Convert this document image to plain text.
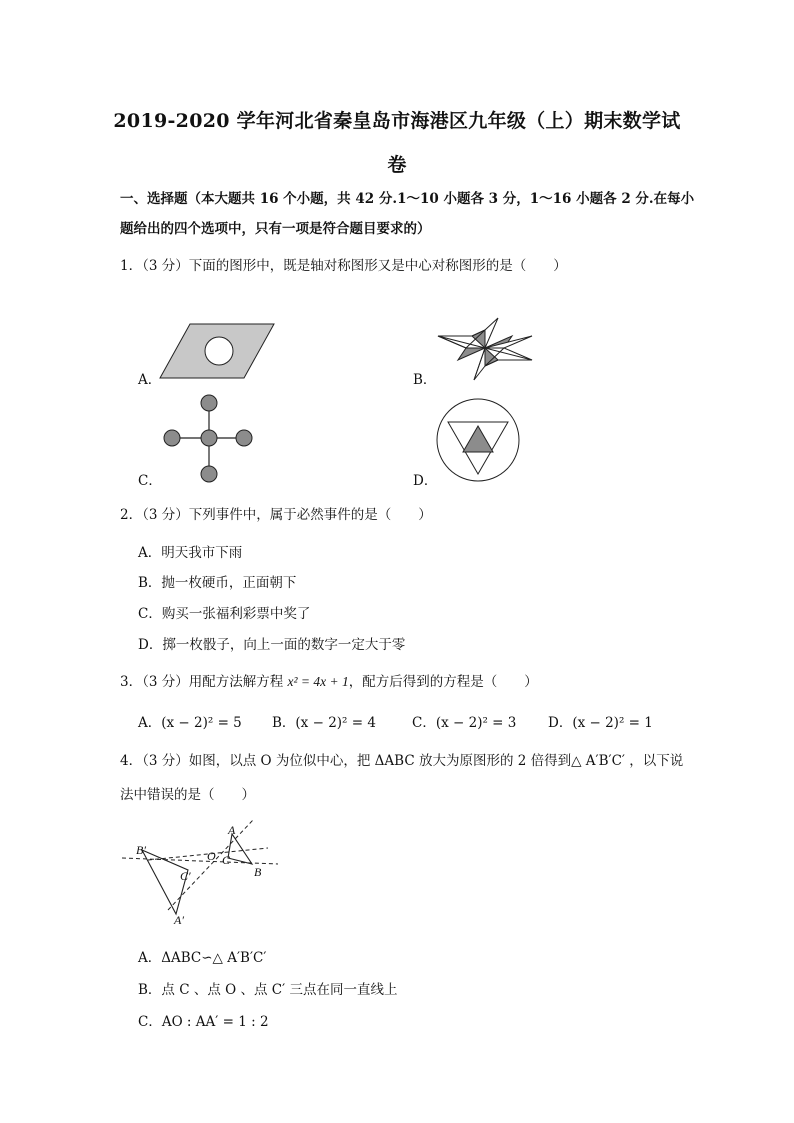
2019-2020 学年河北省秦皇岛市海港区九年级（上）期末数学试
卷
一、选择题（本大题共 16 个小题，共 42 分.1～10 小题各 3 分，1～16 小题各 2 分.在每小
题给出的四个选项中，只有一项是符合题目要求的）
1．（3 分）下面的图形中，既是轴对称图形又是中心对称图形的是（　　）
A．	B．
C．	D．
2．（3 分）下列事件中，属于必然事件的是（　　）
A．明天我市下雨
B．抛一枚硬币，正面朝下
C．购买一张福利彩票中奖了
D．掷一枚骰子，向上一面的数字一定大于零
3．（3 分）用配方法解方程 x² = 4x + 1，配方后得到的方程是（　　）
A．(x − 2)² = 5 B．(x − 2)² = 4	C．(x − 2)² = 3 D．(x − 2)² = 1
4．（3 分）如图，以点 O 为位似中心，把 ΔABC 放大为原图形的 2 倍得到△ A′B′C′ ，以下说
法中错误的是（　　）
B′
C′
A′
O C
A
B
A．ΔABC∽△ A′B′C′
B．点 C 、点 O 、点 C′ 三点在同一直线上
C．AO : AA′ = 1 : 2
